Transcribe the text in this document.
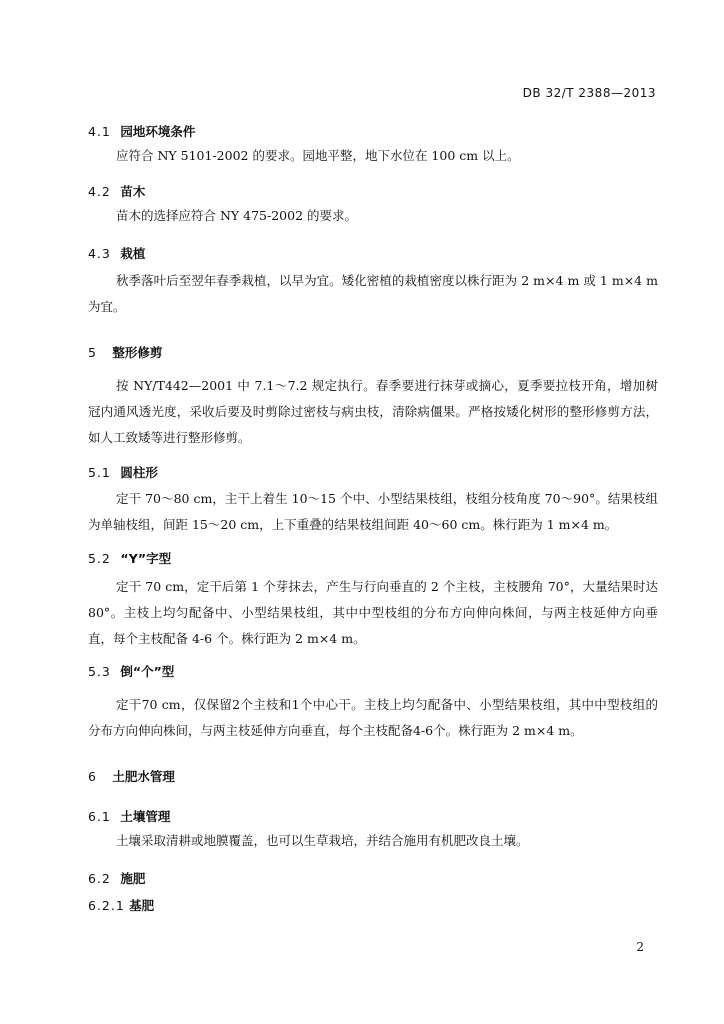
DB 32/T 2388—2013
4.1 园地环境条件
应符合 NY 5101-2002 的要求。园地平整，地下水位在 100 cm 以上。
4.2 苗木
苗木的选择应符合 NY 475-2002 的要求。
4.3 栽植
秋季落叶后至翌年春季栽植，以早为宜。矮化密植的栽植密度以株行距为 2 m×4 m 或 1 m×4 m 为宜。
5 整形修剪
按 NY/T442—2001 中 7.1～7.2 规定执行。春季要进行抹芽或摘心，夏季要拉枝开角，增加树冠内通风透光度，采收后要及时剪除过密枝与病虫枝，清除病僵果。严格按矮化树形的整形修剪方法，如人工致矮等进行整形修剪。
5.1 圆柱形
定干 70～80 cm，主干上着生 10～15 个中、小型结果枝组，枝组分枝角度 70～90°。结果枝组为单轴枝组，间距 15～20 cm，上下重叠的结果枝组间距 40～60 cm。株行距为 1 m×4 m。
5.2 “Y”字型
定干 70 cm，定干后第 1 个芽抹去，产生与行向垂直的 2 个主枝，主枝腰角 70°，大量结果时达 80°。主枝上均匀配备中、小型结果枝组，其中中型枝组的分布方向伸向株间，与两主枝延伸方向垂直，每个主枝配备 4-6 个。株行距为 2 m×4 m。
5.3 倒“个”型
定干70 cm，仅保留2个主枝和1个中心干。主枝上均匀配备中、小型结果枝组，其中中型枝组的分布方向伸向株间，与两主枝延伸方向垂直，每个主枝配备4-6个。株行距为 2 m×4 m。
6 土肥水管理
6.1 土壤管理
土壤采取清耕或地膜覆盖，也可以生草栽培，并结合施用有机肥改良土壤。
6.2 施肥
6.2.1 基肥
2
